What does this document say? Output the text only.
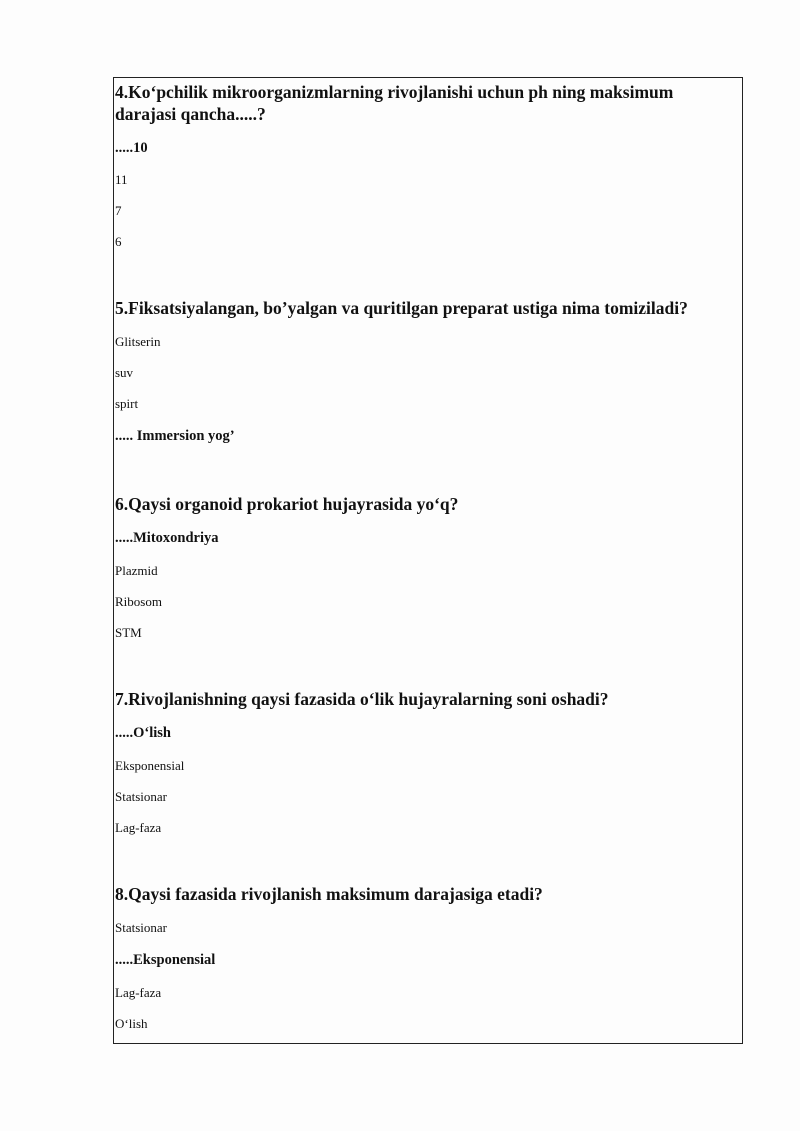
4.Ko‘pchilik mikroorganizmlarning rivojlanishi uchun ph ning maksimum darajasi qancha.....?
.....10
11
7
6
5.Fiksatsiyalangan, bo’yalgan va quritilgan preparat ustiga nima tomiziladi?
Glitserin
suv
spirt
..... Immersion yog’
6.Qaysi organoid prokariot hujayrasida yo‘q?
.....Mitoxondriya
Plazmid
Ribosom
STM
7.Rivojlanishning qaysi fazasida o‘lik hujayralarning soni oshadi?
.....O‘lish
Eksponensial
Statsionar
Lag-faza
8.Qaysi fazasida rivojlanish maksimum darajasiga etadi?
Statsionar
.....Eksponensial
Lag-faza
O‘lish
